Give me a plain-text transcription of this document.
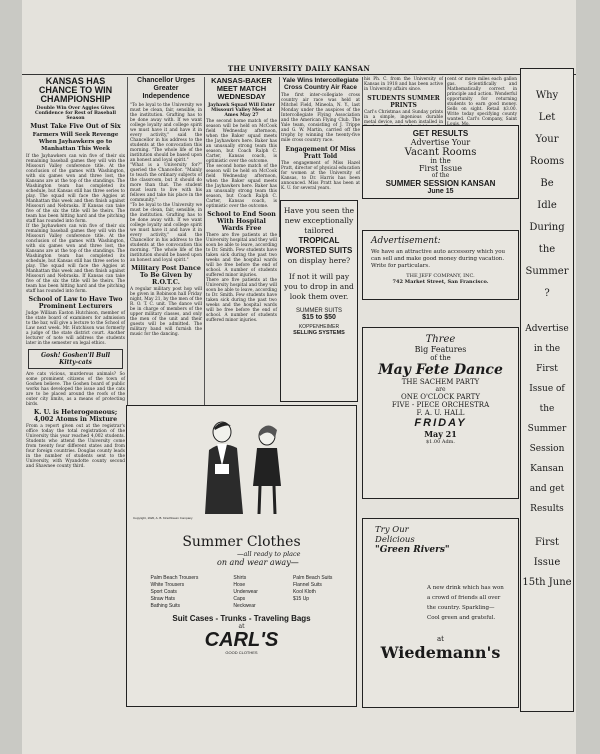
THE UNIVERSITY DAILY KANSAN
KANSAS HAS CHANCE TO WIN CHAMPIONSHIP
Double Win Over Aggies Gives Confidence for Rest of Baseball Season
Must Take Five Out of Six
Farmers Will Seek Revenge When Jayhawkers go to Manhattan This Week

If the Jayhawkers can win five of their six remaining baseball games they will win the Missouri Valley conference title. At the conclusion of the games with Washington, with six games won and three lost, the Kansans are at the top of the standings. The Washington team has completed its schedule, but Kansas still has three series to play. The squad will face the Aggies at Manhattan this week and then finish against Missouri and Nebraska. If Kansas can take five of the six the title will be theirs. The team has been hitting hard and the pitching staff has rounded into form.

If the Jayhawkers can win five of their six remaining baseball games they will win the Missouri Valley conference title. At the conclusion of the games with Washington, with six games won and three lost, the Kansans are at the top of the standings. The Washington team has completed its schedule, but Kansas still has three series to play. The squad will face the Aggies at Manhattan this week and then finish against Missouri and Nebraska. If Kansas can take five of the six the title will be theirs. The team has been hitting hard and the pitching staff has rounded into form.

School of Law to Have Two Prominent Lecturers

Judge William Easton Hutchison, member of the state board of examiners for admission to the bar, will give a lecture to the School of Law next week. Mr. Hutchison was formerly a judge of the state district court. Another lecturer of note will address the students later in the semester on legal ethics.

Gosh! Goshen'll Bull Kitty-cats

Are cats vicious, murderous animals? So some prominent citizens of the town of Goshen believe. The Goshen board of public works has developed the issue and the cats are to be placed around the roofs of the outer city limits, as a means of protecting birds.

K. U. is Heterogeneous; 4,002 Atoms in Mixture

From a report given out at the registrar's office today the total registration of the University this year reached 4,002 students. Students who attend the University come from twenty four different states and from four foreign countries. Douglas county leads in the number of students sent to the University, with Wyandotte county second and Shawnee county third.

Chancellor Urges Greater Independence

"To be loyal to the University we must be clean, fair, sensible, in the institution. Grafting has to be done away with. If we want college loyalty and college spirit we must have it and have it in every activity," said the Chancellor in his address to the students at the convocation this morning. "The whole life of the institution should be based upon an honest and loyal spirit."

"What is a University for?" queried the Chancellor. "Mainly to teach the ordinary subjects of the classroom, but it should do more than that. The student must learn to live with his fellows and take his place in the community."

"To be loyal to the University we must be clean, fair, sensible, in the institution. Grafting has to be done away with. If we want college loyalty and college spirit we must have it and have it in every activity," said the Chancellor in his address to the students at the convocation this morning. "The whole life of the institution should be based upon an honest and loyal spirit."

Military Post Dance To Be Given by R.O.T.C.

A regular military post hop will be given in Robinson hall Friday night, May 21, by the men of the R. O. T. C. unit. The dance will be in charge of members of the upper military classes, and only the men of the unit and their guests will be admitted. The military band will furnish the music for the dancing.

KANSAS-BAKER MEET MATCH WEDNESDAY
Jayhawk Squad Will Enter Missouri Valley Meet at Ames May 27

The second home match of the season will be held on McCook field Wednesday afternoon, when the Baker squad meets the Jayhawkers here. Baker has an unusually strong team this season, but Coach Ralph C. Carter, Kansas coach, is optimistic over the outcome.

The second home match of the season will be held on McCook field Wednesday afternoon, when the Baker squad meets the Jayhawkers here. Baker has an unusually strong team this season, but Coach Ralph C. Carter, Kansas coach, is optimistic over the outcome.

School to End Soon With Hospital Wards Free

There are five patients at the University hospital and they will soon be able to leave, according to Dr. Smith. Few students have taken sick during the past two weeks and the hospital wards will be free before the end of school. A number of students suffered minor injuries.

There are five patients at the University hospital and they will soon be able to leave, according to Dr. Smith. Few students have taken sick during the past two weeks and the hospital wards will be free before the end of school. A number of students suffered minor injuries.

Yale Wins Intercollegiate Cross Country Air Race

The first inter-collegiate cross country air race was held at Mitchel Field, Mineola, N. Y., last Monday under the auspices of the Intercollegiate Flying Association and the American Flying Club. The Yale team, consisting of J. Trippe and G. W. Martin, carried off the trophy by winning the twenty-five mile cross country race.

Engagement Of Miss Pratt Told

The engagement of Miss Hazel Pratt, director of physical education for women at the University of Kansas, to Dr. Harris has been announced. Miss Pratt has been at K. U. for several years.

his Ph. C. from the University of Kansas in 1918 and has been active in University affairs since.

STUDENTS SUMMER PRINTS

Carl's Christmas and Sunday prints in a simple, ingenious durable metal device, and when installed in

cent or more miles each gallon gas. Scientifically and Mathematically correct in principle and action. Wonderful opportunity for returning students to earn good money. Sells on sight. Retail $3.00. Write today specifying county wanted. Carl's Company, Saint

GET RESULTS
Advertise Your
Vacant Rooms
in the
First Issue
of the
SUMMER SESSION KANSAN
June 15
Have you seen the new exceptionally tailored
TROPICAL WORSTED SUITS
on display here?
If not it will pay you to drop in and look them over.
SUMMER SUITS
$15 to $50
KOPPENHEIMER
SELLING SYSTEMS
Advertisement:
We have an attractive auto accessory which you can sell and make good money during vacation. Write for particulars.
THE JEFF COMPANY, INC.
742 Market Street, San Francisco.
Three
Big Features
of the
May Fete Dance
THE SACHEM PARTY
are
ONE O'CLOCK PARTY
FIVE - PIECE ORCHESTRA
F. A. U. HALL
FRIDAY
May 21
$1.00 Adm.
Try Our
Delicious
"Green Rivers"
A new drink which has won a crowd of friends all over the country. Sparkling—Cool green and grateful.
at
Wiedemann's
Why
Let
Your
Rooms
Be
Idle
During
the
Summer
?
Advertise
in the
First
Issue of the
Summer
Session
Kansan
and get
Results
First
Issue
15th June
Copyright, 1920, A. B. Kirschbaum Company
Summer Clothes
—all ready to place
on and wear away—
Palm Beach Trousers
White Trousers
Sport Coats
Straw Hats
Bathing Suits
Shirts
Hose
Underwear
Caps
Neckwear
Palm Beach Suits
Flannel Suits
Kool Kloth
$15 Up
Suit Cases - Trunks - Traveling Bags
at
CARL'S
GOOD CLOTHES
